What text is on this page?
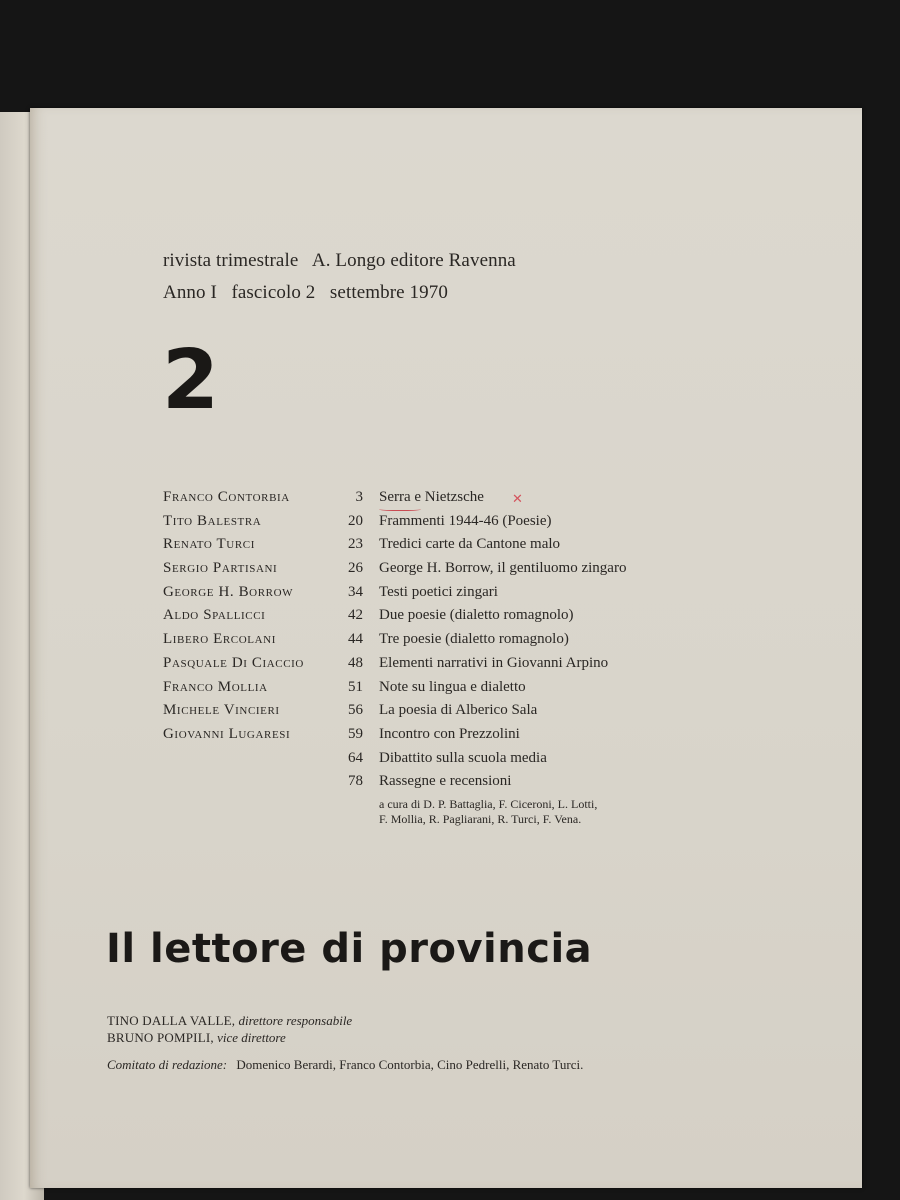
rivista trimestrale   A. Longo editore Ravenna
Anno I   fascicolo 2   settembre 1970
2
Franco Contorbia	3 Serra e Nietzsche
Tito Balestra	20 Frammenti 1944-46 (Poesie)
Renato Turci	23 Tredici carte da Cantone malo
Sergio Partisani	26 George H. Borrow, il gentiluomo zingaro
George H. Borrow	34 Testi poetici zingari
Aldo Spallicci	42 Due poesie (dialetto romagnolo)
Libero Ercolani	44 Tre poesie (dialetto romagnolo)
Pasquale Di Ciaccio	48 Elementi narrativi in Giovanni Arpino
Franco Mollia	51 Note su lingua e dialetto
Michele Vincieri	56 La poesia di Alberico Sala
Giovanni Lugaresi	59 Incontro con Prezzolini
64 Dibattito sulla scuola media
78 Rassegne e recensioni
✕
a cura di D. P. Battaglia, F. Ciceroni, L. Lotti,
F. Mollia, R. Pagliarani, R. Turci, F. Vena.
Il lettore di provincia
TINO DALLA VALLE, direttore responsabile
BRUNO POMPILI, vice direttore
Comitato di redazione: Domenico Berardi, Franco Contorbia, Cino Pedrelli, Renato Turci.
